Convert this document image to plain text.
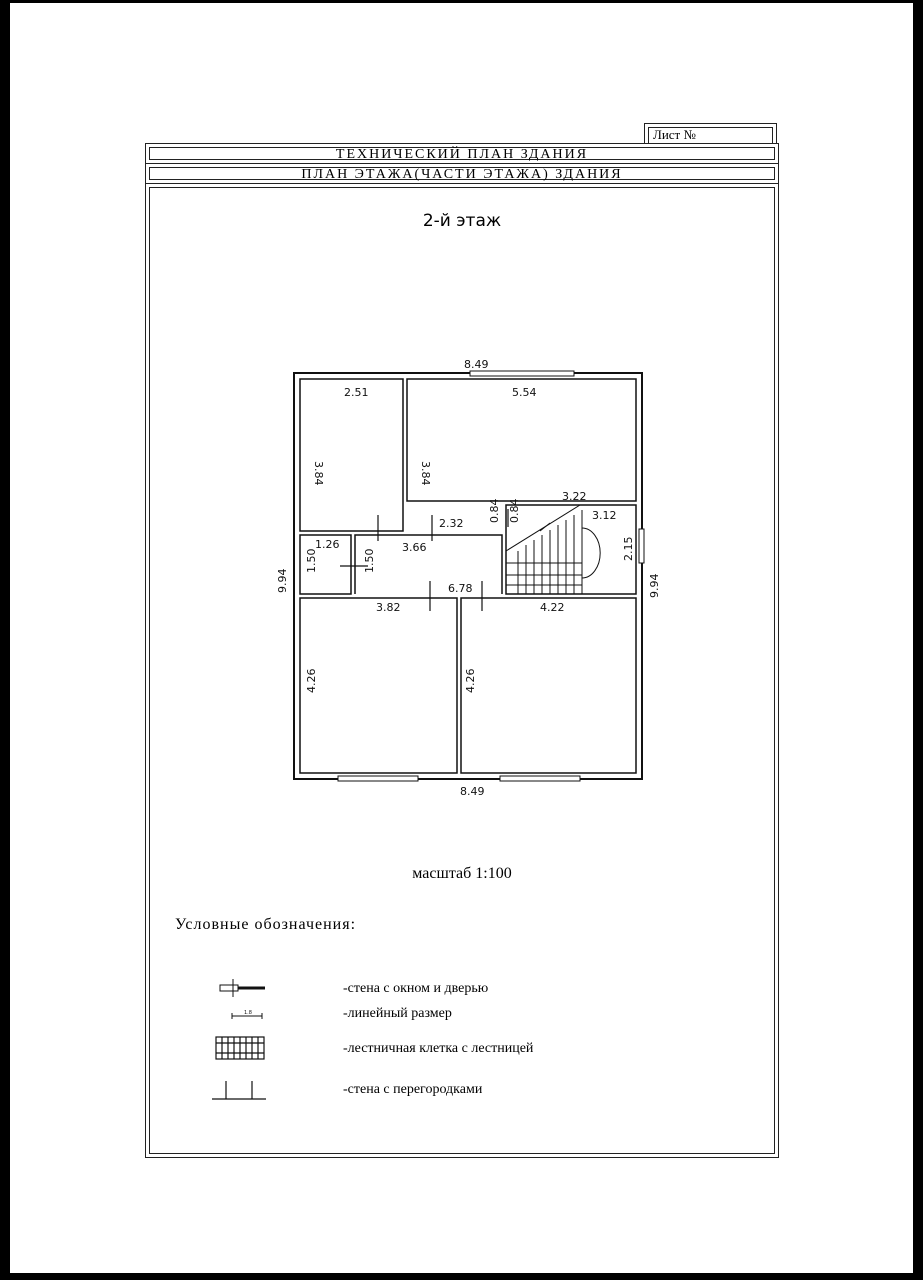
Лист №
ТЕХНИЧЕСКИЙ ПЛАН ЗДАНИЯ
ПЛАН ЭТАЖА(ЧАСТИ ЭТАЖА) ЗДАНИЯ
2-й этаж
8.49
8.49
9.94	9.94
2.51
3.84
5.54
3.84
3.22
3.12
2.15
0.84 0.84
2.32
3.66
1.50
1.26
1.50
6.78
3.82
4.26
4.22
4.26
1.8
масштаб 1:100
Условные обозначения:
-стена с окном и дверью
-линейный размер
-лестничная клетка с лестницей
-стена с перегородками
